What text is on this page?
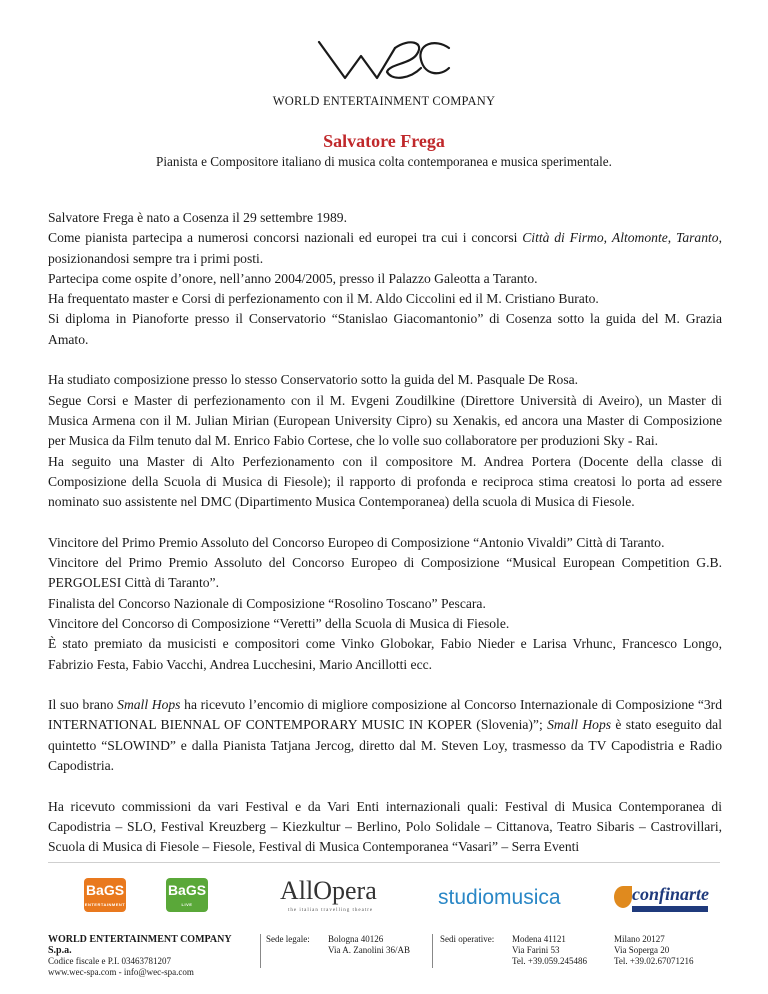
WORLD ENTERTAINMENT COMPANY
Salvatore Frega
Pianista e Compositore italiano di musica colta contemporanea e musica sperimentale.

Salvatore Frega è nato a Cosenza il 29 settembre 1989.
Come pianista partecipa a numerosi concorsi nazionali ed europei tra cui i concorsi Città di Firmo, Altomonte, Taranto, posizionandosi sempre tra i primi posti.
Partecipa come ospite d’onore, nell’anno 2004/2005, presso il Palazzo Galeotta a Taranto.
Ha frequentato master e Corsi di perfezionamento con il M. Aldo Ciccolini ed il M. Cristiano Burato.
Si diploma in Pianoforte presso il Conservatorio “Stanislao Giacomantonio” di Cosenza sotto la guida del M. Grazia Amato.

Ha studiato composizione presso lo stesso Conservatorio sotto la guida del M. Pasquale De Rosa.
Segue Corsi e Master di perfezionamento con il M. Evgeni Zoudilkine (Direttore Università di Aveiro), un Master di Musica Armena con il M. Julian Mirian (European University Cipro) su Xenakis, ed ancora una Master di Composizione per Musica da Film tenuto dal M. Enrico Fabio Cortese, che lo volle suo collaboratore per produzioni Sky - Rai.
Ha seguito una Master di Alto Perfezionamento con il compositore M. Andrea Portera (Docente della classe di Composizione della Scuola di Musica di Fiesole); il rapporto di profonda e reciproca stima creatosi lo porta ad essere nominato suo assistente nel DMC (Dipartimento Musica Contemporanea) della scuola di Musica di Fiesole.

Vincitore del Primo Premio Assoluto del Concorso Europeo di Composizione “Antonio Vivaldi” Città di Taranto.
Vincitore del Primo Premio Assoluto del Concorso Europeo di Composizione “Musical European Competition G.B. PERGOLESI Città di Taranto”.
Finalista del Concorso Nazionale di Composizione “Rosolino Toscano” Pescara.
Vincitore del Concorso di Composizione “Veretti” della Scuola di Musica di Fiesole.
È stato premiato da musicisti e compositori come Vinko Globokar, Fabio Nieder e Larisa Vrhunc, Francesco Longo, Fabrizio Festa, Fabio Vacchi, Andrea Lucchesini, Mario Ancillotti ecc.

Il suo brano Small Hops ha ricevuto l’encomio di migliore composizione al Concorso Internazionale di Composizione “3rd INTERNATIONAL BIENNAL OF CONTEMPORARY MUSIC IN KOPER (Slovenia)”; Small Hops è stato eseguito dal quintetto “SLOWIND” e dalla Pianista Tatjana Jercog, diretto dal M. Steven Loy, trasmesso da TV Capodistria e Radio Capodistria.

Ha ricevuto commissioni da vari Festival e da Vari Enti internazionali quali: Festival di Musica Contemporanea di Capodistria – SLO, Festival Kreuzberg – Kiezkultur – Berlino, Polo Solidale – Cittanova, Teatro Sibaris – Castrovillari, Scuola di Musica di Fiesole – Fiesole, Festival di Musica Contemporanea “Vasari” – Serra Eventi

BaGS
ENTERTAINMENT
BaGS
LIVE	AllOpera
the italian travelling theatre
studiomusica	confinarte
WORLD ENTERTAINMENT COMPANY S.p.a.
Codice fiscale e P.I. 03463781207
www.wec-spa.com - info@wec-spa.com
Sede legale:	Bologna 40126
Via A. Zanolini 36/AB
Sedi operative:	Modena 41121
Via Farini 53
Tel. +39.059.245486
Milano 20127
Via Soperga 20
Tel. +39.02.67071216
